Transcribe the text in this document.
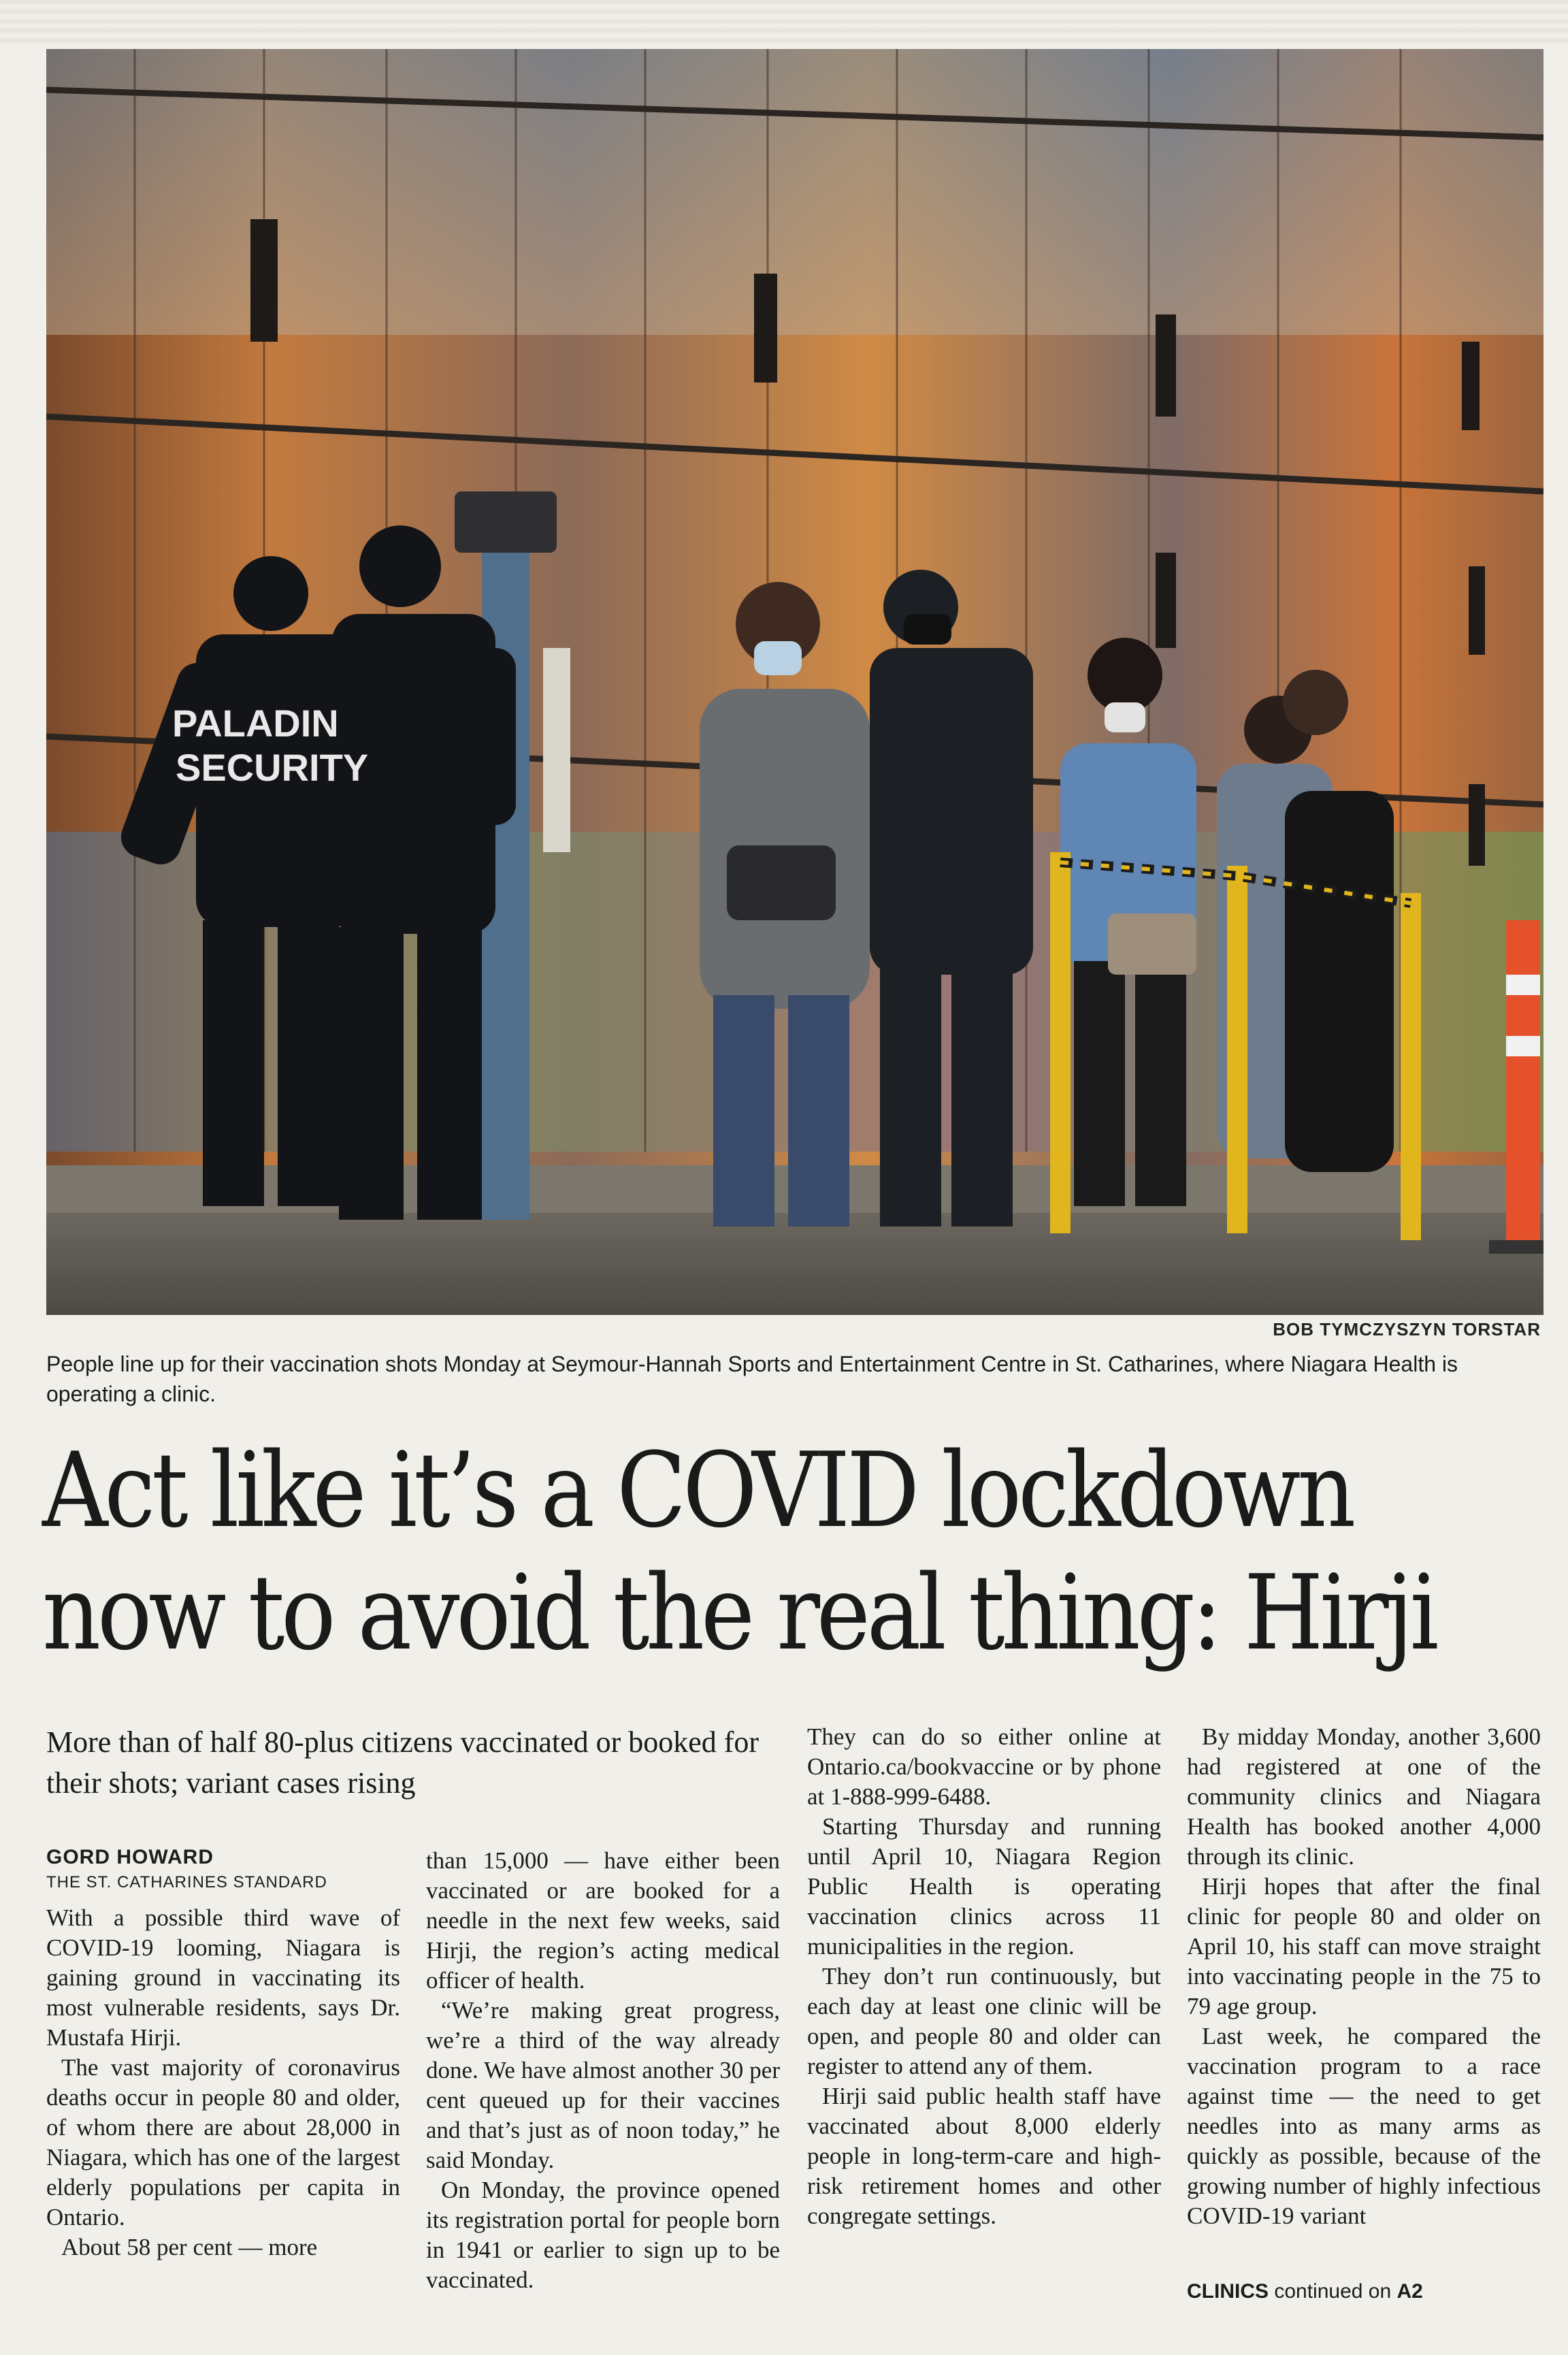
PALADIN
SECURITY
BOB TYMCZYSZYN TORSTAR
People line up for their vaccination shots Monday at Seymour-Hannah Sports and Entertainment Centre in St. Catharines, where Niagara Health is operating a clinic.
Act like it’s a COVID lockdown
now to avoid the real thing: Hirji
More than of half 80-plus citizens vaccinated or booked for their shots; variant cases rising
GORD HOWARD
THE ST. CATHARINES STANDARD

With a possible third wave of COVID-19 looming, Niagara is gaining ground in vaccinating its most vulnerable residents, says Dr. Mustafa Hirji.

The vast majority of coronavirus deaths occur in people 80 and older, of whom there are about 28,000 in Niagara, which has one of the largest elderly populations per capita in Ontario.

About 58 per cent — more

than 15,000 — have either been vaccinated or are booked for a needle in the next few weeks, said Hirji, the region’s acting medical officer of health.

“We’re making great progress, we’re a third of the way already done. We have almost another 30 per cent queued up for their vaccines and that’s just as of noon today,” he said Monday.

On Monday, the province opened its registration portal for people born in 1941 or earlier to sign up to be vaccinated.

They can do so either online at Ontario.ca/bookvaccine or by phone at 1-888-999-6488.

Starting Thursday and running until April 10, Niagara Region Public Health is operating vaccination clinics across 11 municipalities in the region.

They don’t run continuously, but each day at least one clinic will be open, and people 80 and older can register to attend any of them.

Hirji said public health staff have vaccinated about 8,000 elderly people in long-term-care and high-risk retirement homes and other congregate settings.

By midday Monday, another 3,600 had registered at one of the community clinics and Niagara Health has booked another 4,000 through its clinic.

Hirji hopes that after the final clinic for people 80 and older on April 10, his staff can move straight into vaccinating people in the 75 to 79 age group.

Last week, he compared the vaccination program to a race against time — the need to get needles into as many arms as quickly as possible, because of the growing number of highly infectious COVID-19 variant

CLINICS continued on A2
